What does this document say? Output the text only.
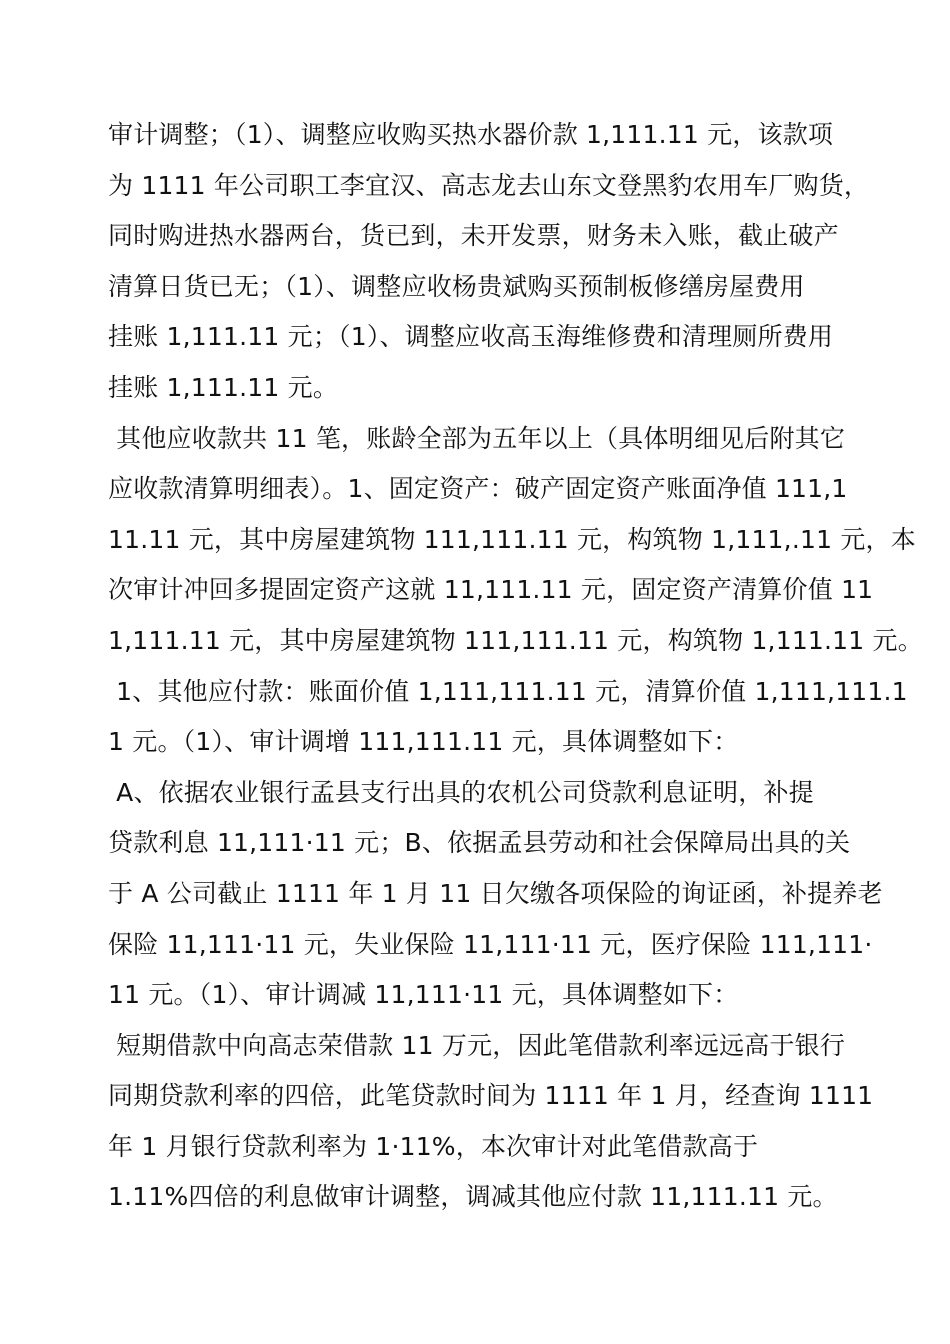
审计调整；（1）、调整应收购买热水器价款 1,111.11 元，该款项
为 1111 年公司职工李宜汉、高志龙去山东文登黑豹农用车厂购货，
同时购进热水器两台，货已到，未开发票，财务未入账，截止破产
清算日货已无；（1）、调整应收杨贵斌购买预制板修缮房屋费用
挂账 1,111.11 元；（1）、调整应收高玉海维修费和清理厕所费用
挂账 1,111.11 元。
其他应收款共 11 笔，账龄全部为五年以上（具体明细见后附其它
应收款清算明细表）。1、固定资产：破产固定资产账面净值 111,1
11.11 元，其中房屋建筑物 111,111.11 元，构筑物 1,111,.11 元，本
次审计冲回多提固定资产这就 11,111.11 元，固定资产清算价值 11
1,111.11 元，其中房屋建筑物 111,111.11 元，构筑物 1,111.11 元。
1、其他应付款：账面价值 1,111,111.11 元，清算价值 1,111,111.1
1 元。（1）、审计调增 111,111.11 元，具体调整如下：
A、依据农业银行孟县支行出具的农机公司贷款利息证明，补提
贷款利息 11,111·11 元；B、依据孟县劳动和社会保障局出具的关
于 A 公司截止 1111 年 1 月 11 日欠缴各项保险的询证函，补提养老
保险 11,111·11 元，失业保险 11,111·11 元，医疗保险 111,111·
11 元。（1）、审计调减 11,111·11 元，具体调整如下：
短期借款中向高志荣借款 11 万元，因此笔借款利率远远高于银行
同期贷款利率的四倍，此笔贷款时间为 1111 年 1 月，经查询 1111
年 1 月银行贷款利率为 1·11%，本次审计对此笔借款高于
1.11%四倍的利息做审计调整，调减其他应付款 11,111.11 元。
